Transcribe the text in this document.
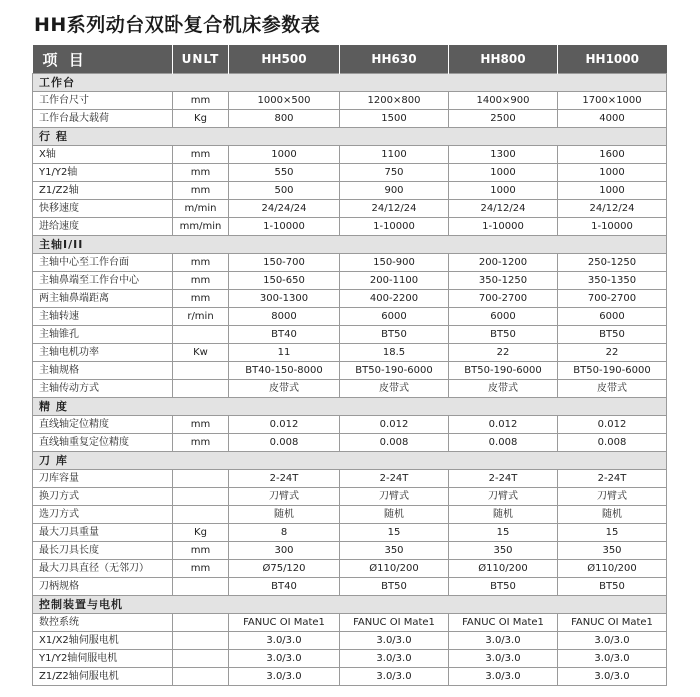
HH系列动台双卧复合机床参数表
项 目	UNLT	HH500	HH630	HH800	HH1000
工作台					
工作台尺寸	mm	1000×500	1200×800	1400×900	1700×1000
工作台最大载荷	Kg	800	1500	2500	4000
行 程					
X轴	mm	1000	1100	1300	1600
Y1/Y2轴	mm	550	750	1000	1000
Z1/Z2轴	mm	500	900	1000	1000
快移速度	m/min	24/24/24	24/12/24	24/12/24	24/12/24
进给速度	mm/min	1-10000	1-10000	1-10000	1-10000
主轴I/II					
主轴中心至工作台面	mm	150-700	150-900	200-1200	250-1250
主轴鼻端至工作台中心	mm	150-650	200-1100	350-1250	350-1350
两主轴鼻端距离	mm	300-1300	400-2200	700-2700	700-2700
主轴转速	r/min	8000	6000	6000	6000
主轴锥孔		BT40	BT50	BT50	BT50
主轴电机功率	Kw	11	18.5	22	22
主轴规格		BT40-150-8000	BT50-190-6000	BT50-190-6000	BT50-190-6000
主轴传动方式		皮带式	皮带式	皮带式	皮带式
精 度					
直线轴定位精度	mm	0.012	0.012	0.012	0.012
直线轴重复定位精度	mm	0.008	0.008	0.008	0.008
刀 库					
刀库容量		2-24T	2-24T	2-24T	2-24T
换刀方式		刀臂式	刀臂式	刀臂式	刀臂式
选刀方式		随机	随机	随机	随机
最大刀具重量	Kg	8	15	15	15
最长刀具长度	mm	300	350	350	350
最大刀具直径（无邻刀）	mm	Ø75/120	Ø110/200	Ø110/200	Ø110/200
刀柄规格		BT40	BT50	BT50	BT50
控制装置与电机					
数控系统		FANUC OI Mate1	FANUC OI Mate1	FANUC OI Mate1	FANUC OI Mate1
X1/X2轴伺服电机		3.0/3.0	3.0/3.0	3.0/3.0	3.0/3.0
Y1/Y2轴伺服电机		3.0/3.0	3.0/3.0	3.0/3.0	3.0/3.0
Z1/Z2轴伺服电机		3.0/3.0	3.0/3.0	3.0/3.0	3.0/3.0
